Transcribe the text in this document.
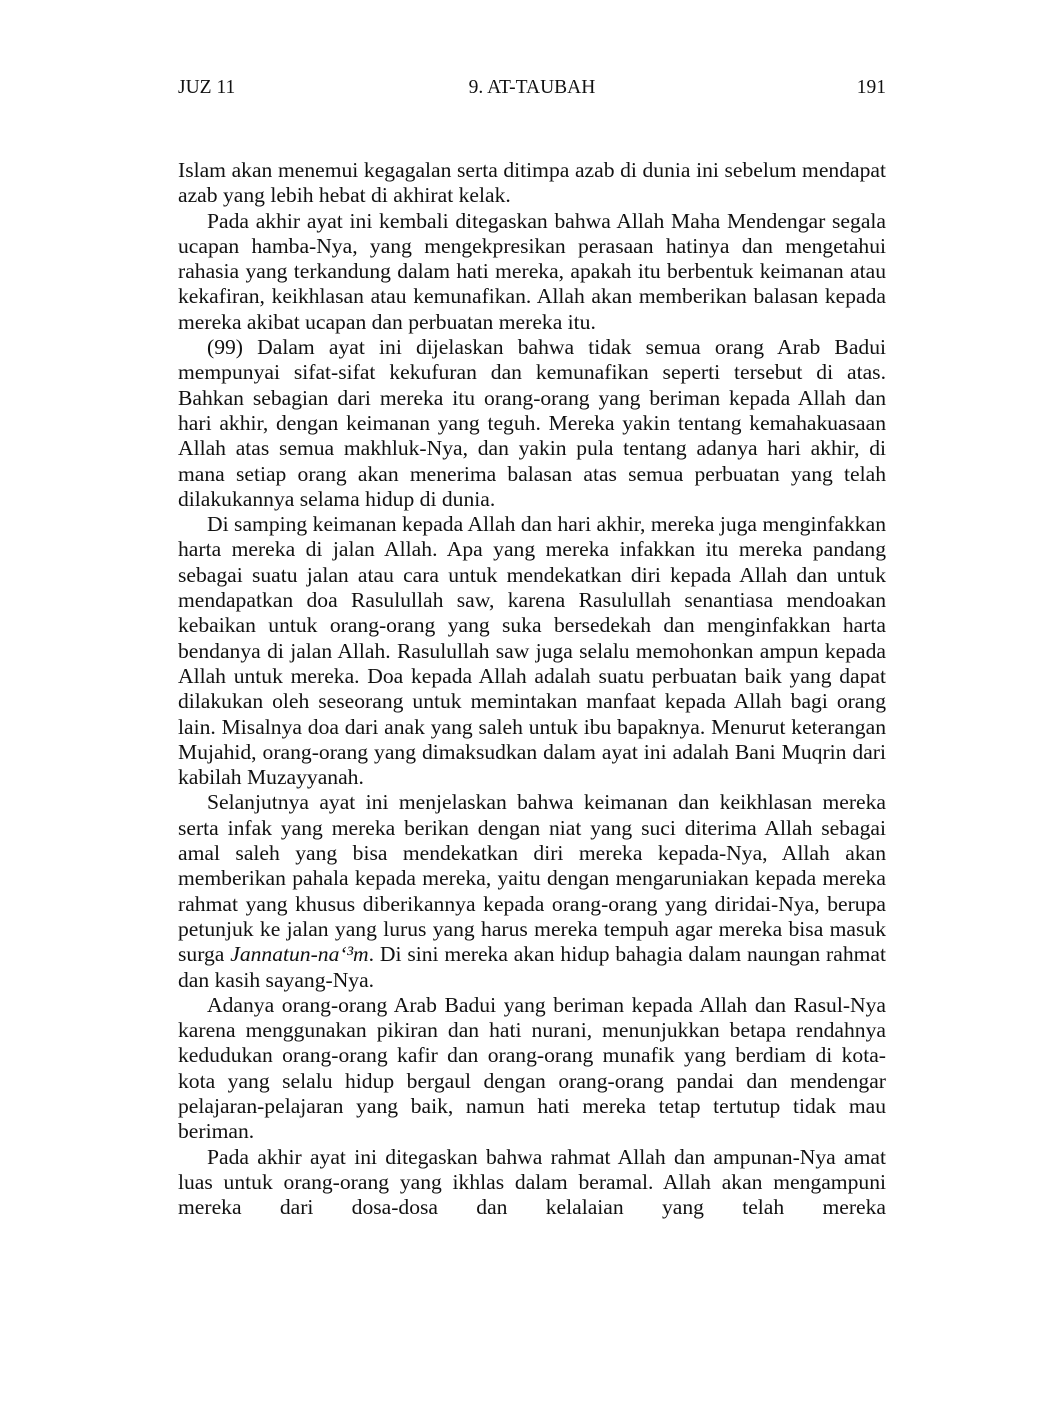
JUZ 11	9. AT-TAUBAH	191

Islam akan menemui kegagalan serta ditimpa azab di dunia ini sebelum mendapat azab yang lebih hebat di akhirat kelak.

Pada akhir ayat ini kembali ditegaskan bahwa Allah Maha Mendengar segala ucapan hamba-Nya, yang mengekpresikan perasaan hatinya dan mengetahui rahasia yang terkandung dalam hati mereka, apakah itu berbentuk keimanan atau kekafiran, keikhlasan atau kemunafikan. Allah akan memberikan balasan kepada mereka akibat ucapan dan perbuatan mereka itu.

(99) Dalam ayat ini dijelaskan bahwa tidak semua orang Arab Badui mempunyai sifat-sifat kekufuran dan kemunafikan seperti tersebut di atas. Bahkan sebagian dari mereka itu orang-orang yang beriman kepada Allah dan hari akhir, dengan keimanan yang teguh. Mereka yakin tentang kemahakuasaan Allah atas semua makhluk-Nya, dan yakin pula tentang adanya hari akhir, di mana setiap orang akan menerima balasan atas semua perbuatan yang telah dilakukannya selama hidup di dunia.

Di samping keimanan kepada Allah dan hari akhir, mereka juga menginfakkan harta mereka di jalan Allah. Apa yang mereka infakkan itu mereka pandang sebagai suatu jalan atau cara untuk mendekatkan diri kepada Allah dan untuk mendapatkan doa Rasulullah saw, karena Rasulullah senantiasa mendoakan kebaikan untuk orang-orang yang suka bersedekah dan menginfakkan harta bendanya di jalan Allah. Rasulullah saw juga selalu memohonkan ampun kepada Allah untuk mereka. Doa kepada Allah adalah suatu perbuatan baik yang dapat dilakukan oleh seseorang untuk memintakan manfaat kepada Allah bagi orang lain. Misalnya doa dari anak yang saleh untuk ibu bapaknya. Menurut keterangan Mujahid, orang-orang yang dimaksudkan dalam ayat ini adalah Bani Muqrin dari kabilah Muzayyanah.

Selanjutnya ayat ini menjelaskan bahwa keimanan dan keikhlasan mereka serta infak yang mereka berikan dengan niat yang suci diterima Allah sebagai amal saleh yang bisa mendekatkan diri mereka kepada-Nya, Allah akan memberikan pahala kepada mereka, yaitu dengan mengaruniakan kepada mereka rahmat yang khusus diberikannya kepada orang-orang yang diridai-Nya, berupa petunjuk ke jalan yang lurus yang harus mereka tempuh agar mereka bisa masuk surga Jannatun-na‘³m. Di sini mereka akan hidup bahagia dalam naungan rahmat dan kasih sayang-Nya.

Adanya orang-orang Arab Badui yang beriman kepada Allah dan Rasul-Nya karena menggunakan pikiran dan hati nurani, menunjukkan betapa rendahnya kedudukan orang-orang kafir dan orang-orang munafik yang berdiam di kota-kota yang selalu hidup bergaul dengan orang-orang pandai dan mendengar pelajaran-pelajaran yang baik, namun hati mereka tetap tertutup tidak mau beriman.

Pada akhir ayat ini ditegaskan bahwa rahmat Allah dan ampunan-Nya amat luas untuk orang-orang yang ikhlas dalam beramal. Allah akan mengampuni mereka dari dosa-dosa dan kelalaian yang telah mereka
